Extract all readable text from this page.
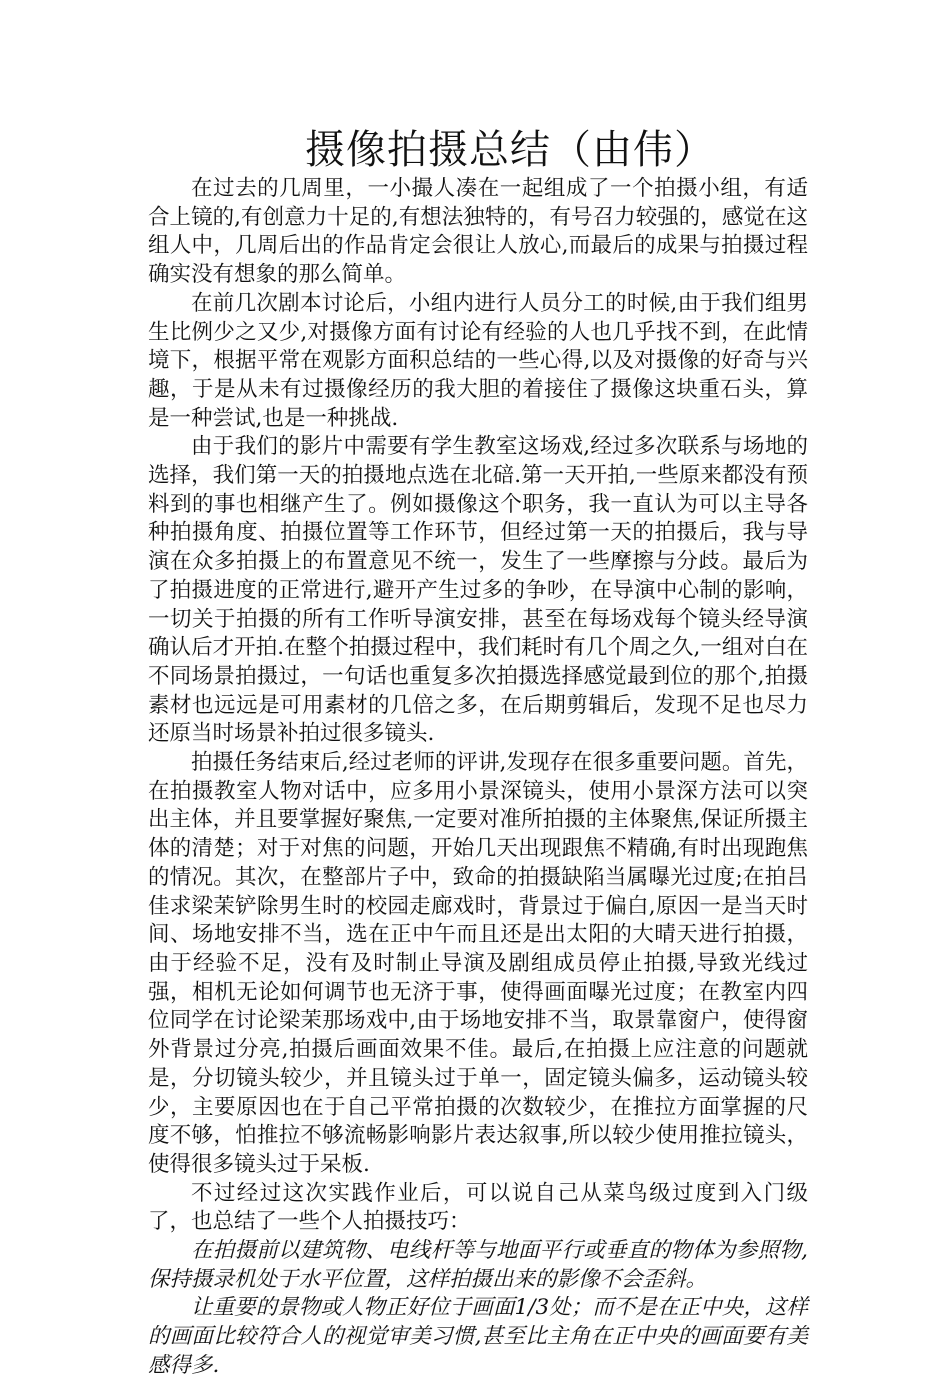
摄像拍摄总结（由伟）

在过去的几周里，一小撮人凑在一起组成了一个拍摄小组，有适合上镜的,有创意力十足的,有想法独特的，有号召力较强的，感觉在这组人中，几周后出的作品肯定会很让人放心,而最后的成果与拍摄过程确实没有想象的那么简单。

在前几次剧本讨论后，小组内进行人员分工的时候,由于我们组男生比例少之又少,对摄像方面有讨论有经验的人也几乎找不到，在此情境下，根据平常在观影方面积总结的一些心得,以及对摄像的好奇与兴趣，于是从未有过摄像经历的我大胆的着接住了摄像这块重石头，算是一种尝试,也是一种挑战.

由于我们的影片中需要有学生教室这场戏,经过多次联系与场地的选择，我们第一天的拍摄地点选在北碚.第一天开拍,一些原来都没有预料到的事也相继产生了。例如摄像这个职务，我一直认为可以主导各种拍摄角度、拍摄位置等工作环节，但经过第一天的拍摄后，我与导演在众多拍摄上的布置意见不统一，发生了一些摩擦与分歧。最后为了拍摄进度的正常进行,避开产生过多的争吵，在导演中心制的影响，一切关于拍摄的所有工作听导演安排，甚至在每场戏每个镜头经导演确认后才开拍.在整个拍摄过程中，我们耗时有几个周之久,一组对白在不同场景拍摄过，一句话也重复多次拍摄选择感觉最到位的那个,拍摄素材也远远是可用素材的几倍之多，在后期剪辑后，发现不足也尽力还原当时场景补拍过很多镜头.

拍摄任务结束后,经过老师的评讲,发现存在很多重要问题。首先，在拍摄教室人物对话中，应多用小景深镜头，使用小景深方法可以突出主体，并且要掌握好聚焦,一定要对准所拍摄的主体聚焦,保证所摄主体的清楚；对于对焦的问题，开始几天出现跟焦不精确,有时出现跑焦的情况。其次，在整部片子中，致命的拍摄缺陷当属曝光过度;在拍吕佳求梁茉铲除男生时的校园走廊戏时，背景过于偏白,原因一是当天时间、场地安排不当，选在正中午而且还是出太阳的大晴天进行拍摄，由于经验不足，没有及时制止导演及剧组成员停止拍摄,导致光线过强，相机无论如何调节也无济于事，使得画面曝光过度；在教室内四位同学在讨论梁茉那场戏中,由于场地安排不当，取景靠窗户，使得窗外背景过分亮,拍摄后画面效果不佳。最后,在拍摄上应注意的问题就是，分切镜头较少，并且镜头过于单一，固定镜头偏多，运动镜头较少，主要原因也在于自己平常拍摄的次数较少，在推拉方面掌握的尺度不够，怕推拉不够流畅影响影片表达叙事,所以较少使用推拉镜头，使得很多镜头过于呆板.

不过经过这次实践作业后，可以说自己从菜鸟级过度到入门级了，也总结了一些个人拍摄技巧：

在拍摄前以建筑物、电线杆等与地面平行或垂直的物体为参照物,保持摄录机处于水平位置，这样拍摄出来的影像不会歪斜。

让重要的景物或人物正好位于画面1/3处；而不是在正中央，这样的画面比较符合人的视觉审美习惯,甚至比主角在正中央的画面要有美感得多.
